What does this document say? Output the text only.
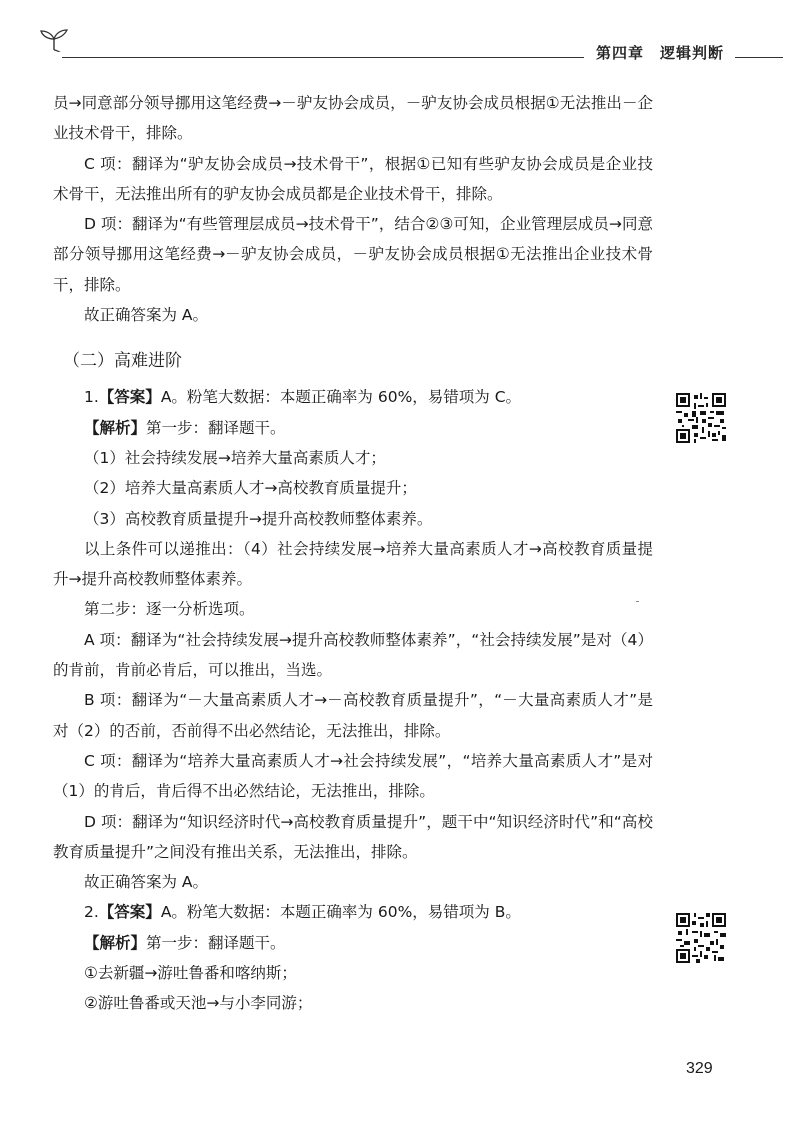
第四章 逻辑判断

员→同意部分领导挪用这笔经费→－驴友协会成员，－驴友协会成员根据①无法推出－企业技术骨干，排除。

C 项：翻译为“驴友协会成员→技术骨干”，根据①已知有些驴友协会成员是企业技术骨干，无法推出所有的驴友协会成员都是企业技术骨干，排除。

D 项：翻译为“有些管理层成员→技术骨干”，结合②③可知，企业管理层成员→同意部分领导挪用这笔经费→－驴友协会成员，－驴友协会成员根据①无法推出企业技术骨干，排除。

故正确答案为 A。

（二）高难进阶

1.【答案】A。粉笔大数据：本题正确率为 60%，易错项为 C。

【解析】第一步：翻译题干。

（1）社会持续发展→培养大量高素质人才；

（2）培养大量高素质人才→高校教育质量提升；

（3）高校教育质量提升→提升高校教师整体素养。

以上条件可以递推出：（4）社会持续发展→培养大量高素质人才→高校教育质量提升→提升高校教师整体素养。

第二步：逐一分析选项。

A 项：翻译为“社会持续发展→提升高校教师整体素养”，“社会持续发展”是对（4）的肯前，肯前必肯后，可以推出，当选。

B 项：翻译为“－大量高素质人才→－高校教育质量提升”，“－大量高素质人才”是对（2）的否前，否前得不出必然结论，无法推出，排除。

C 项：翻译为“培养大量高素质人才→社会持续发展”，“培养大量高素质人才”是对（1）的肯后，肯后得不出必然结论，无法推出，排除。

D 项：翻译为“知识经济时代→高校教育质量提升”，题干中“知识经济时代”和“高校教育质量提升”之间没有推出关系，无法推出，排除。

故正确答案为 A。

2.【答案】A。粉笔大数据：本题正确率为 60%，易错项为 B。

【解析】第一步：翻译题干。

①去新疆→游吐鲁番和喀纳斯；

②游吐鲁番或天池→与小李同游；

329
